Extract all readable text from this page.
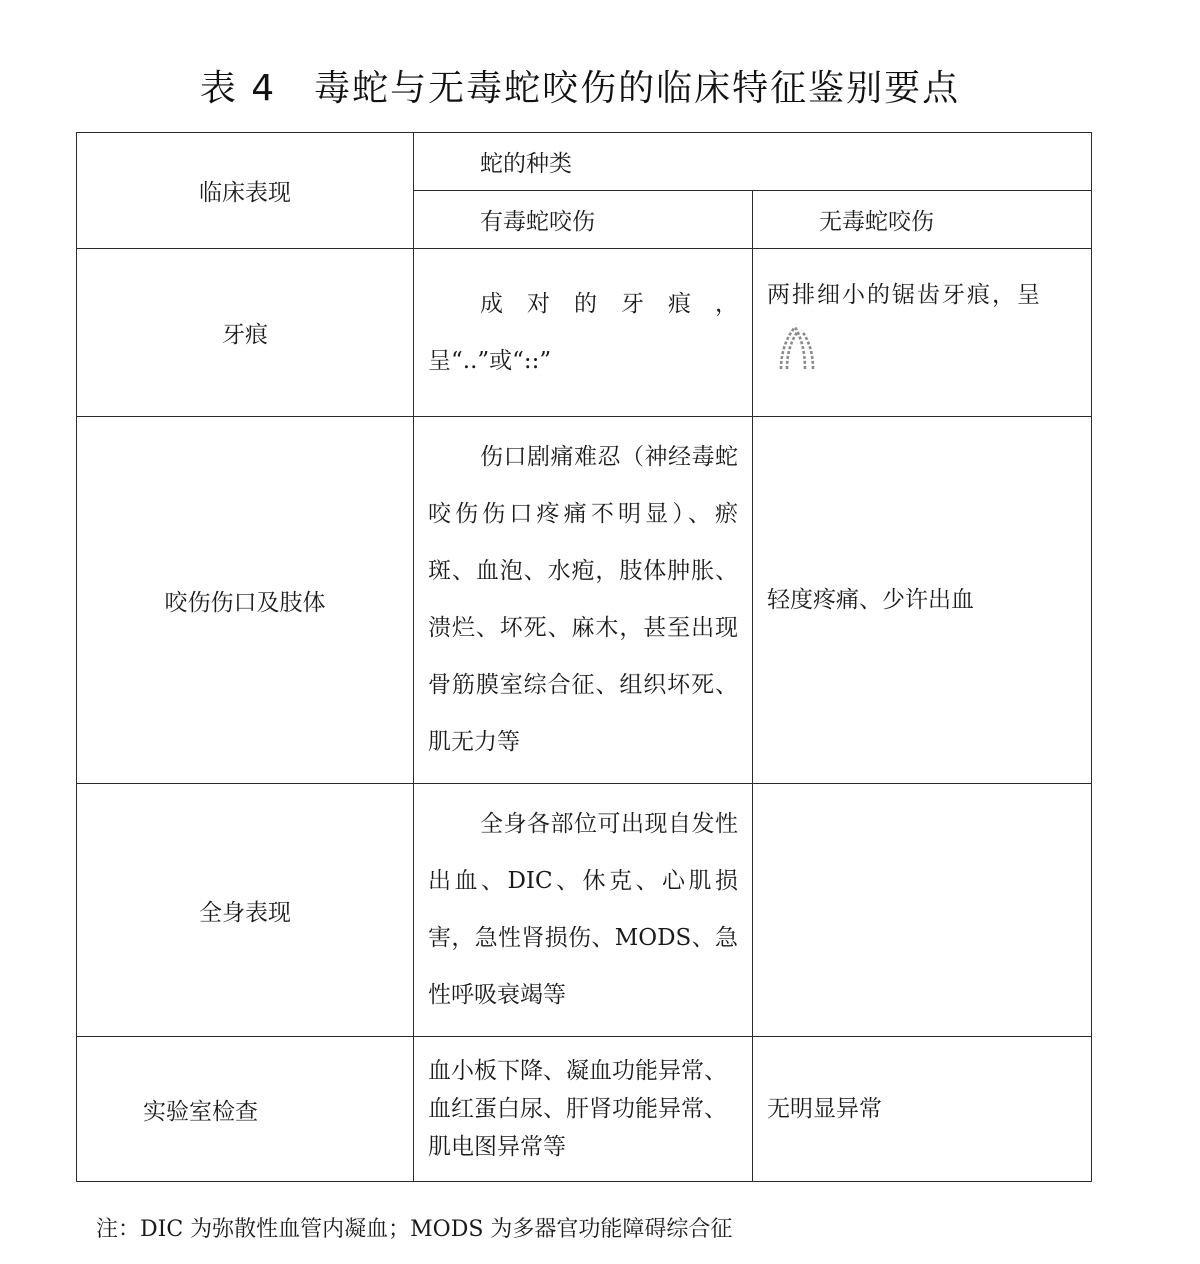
表 4 毒蛇与无毒蛇咬伤的临床特征鉴别要点
临床表现	蛇的种类	
	有毒蛇咬伤	无毒蛇咬伤
牙痕	成对的牙痕，呈“..”或“::”	两排细小的锯齿牙痕，呈

咬伤伤口及肢体	伤口剧痛难忍（神经毒蛇咬伤伤口疼痛不明显）、瘀斑、血泡、水疱，肢体肿胀、溃烂、坏死、麻木，甚至出现骨筋膜室综合征、组织坏死、肌无力等	轻度疼痛、少许出血
全身表现	全身各部位可出现自发性出血、DIC、休克、心肌损害，急性肾损伤、MODS、急性呼吸衰竭等	
实验室检查	血小板下降、凝血功能异常、血红蛋白尿、肝肾功能异常、肌电图异常等	无明显异常
注：DIC 为弥散性血管内凝血；MODS 为多器官功能障碍综合征
